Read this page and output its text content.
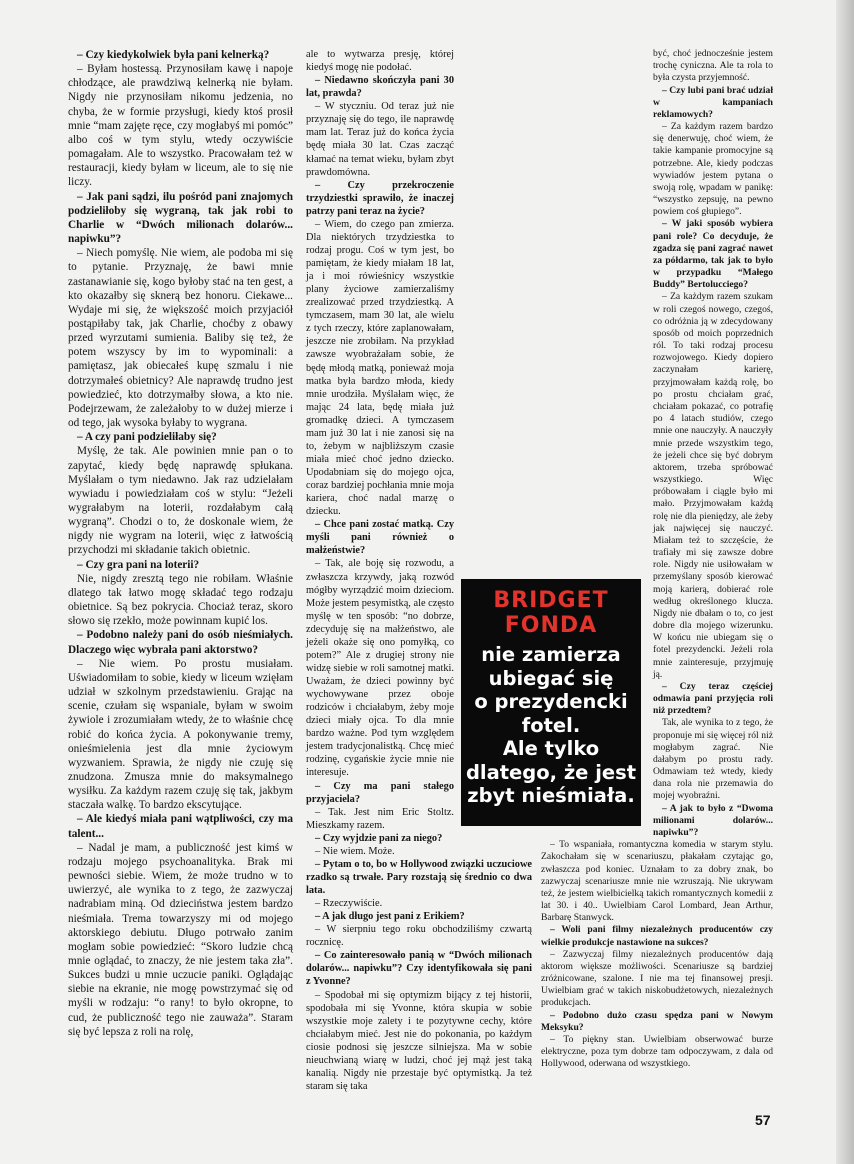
– Czy kiedykolwiek była pani kelnerką?

– Byłam hostessą. Przynosiłam kawę i napoje chłodzące, ale prawdziwą kelnerką nie byłam. Nigdy nie przynosiłam nikomu jedzenia, no chyba, że w formie przysługi, kiedy ktoś prosił mnie “mam zajęte ręce, czy mogłabyś mi pomóc” albo coś w tym stylu, wtedy oczywiście pomagałam. Ale to wszystko. Pracowałam też w restauracji, kiedy byłam w liceum, ale to się nie liczy.

– Jak pani sądzi, ilu pośród pani znajomych podzieliłoby się wygraną, tak jak robi to Charlie w “Dwóch milionach dolarów... napiwku”?

– Niech pomyślę. Nie wiem, ale podoba mi się to pytanie. Przyznaję, że bawi mnie zastanawianie się, kogo byłoby stać na ten gest, a kto okazałby się sknerą bez honoru. Ciekawe... Wydaje mi się, że większość moich przyjaciół postąpiłaby tak, jak Charlie, choćby z obawy przed wyrzutami sumienia. Baliby się też, że potem wszyscy by im to wypominali: a pamiętasz, jak obiecałeś kupę szmalu i nie dotrzymałeś obietnicy? Ale naprawdę trudno jest powiedzieć, kto dotrzymałby słowa, a kto nie. Podejrzewam, że zależałoby to w dużej mierze i od tego, jak wysoka byłaby to wygrana.

– A czy pani podzieliłaby się?

Myślę, że tak. Ale powinien mnie pan o to zapytać, kiedy będę naprawdę spłukana. Myślałam o tym niedawno. Jak raz udzielałam wywiadu i powiedziałam coś w stylu: “Jeżeli wygrałabym na loterii, rozdałabym całą wygraną”. Chodzi o to, że doskonale wiem, że nigdy nie wygram na loterii, więc z łatwością przychodzi mi składanie takich obietnic.

– Czy gra pani na loterii?

Nie, nigdy zresztą tego nie robiłam. Właśnie dlatego tak łatwo mogę składać tego rodzaju obietnice. Są bez pokrycia. Chociaż teraz, skoro słowo się rzekło, może powinnam kupić los.

– Podobno należy pani do osób nieśmiałych. Dlaczego więc wybrała pani aktorstwo?

– Nie wiem. Po prostu musiałam. Uświadomiłam to sobie, kiedy w liceum wzięłam udział w szkolnym przedstawieniu. Grając na scenie, czułam się wspaniale, byłam w swoim żywiole i zrozumiałam wtedy, że to właśnie chcę robić do końca życia. A pokonywanie tremy, onieśmielenia jest dla mnie życiowym wyzwaniem. Sprawia, że nigdy nie czuję się znudzona. Zmusza mnie do maksymalnego wysiłku. Za każdym razem czuję się tak, jakbym staczała walkę. To bardzo ekscytujące.

– Ale kiedyś miała pani wątpliwości, czy ma talent...

– Nadal je mam, a publiczność jest kimś w rodzaju mojego psychoanalityka. Brak mi pewności siebie. Wiem, że może trudno w to uwierzyć, ale wynika to z tego, że zazwyczaj nadrabiam miną. Od dzieciństwa jestem bardzo nieśmiała. Trema towarzyszy mi od mojego aktorskiego debiutu. Długo potrwało zanim mogłam sobie powiedzieć: “Skoro ludzie chcą mnie oglądać, to znaczy, że nie jestem taka zła”. Sukces budzi u mnie uczucie paniki. Oglądając siebie na ekranie, nie mogę powstrzymać się od myśli w rodzaju: “o rany! to było okropne, to cud, że publiczność tego nie zauważa”. Staram się być lepsza z roli na rolę,

ale to wytwarza presję, której kiedyś mogę nie podołać.

– Niedawno skończyła pani 30 lat, prawda?

– W styczniu. Od teraz już nie przyznaję się do tego, ile naprawdę mam lat. Teraz już do końca życia będę miała 30 lat. Czas zacząć kłamać na temat wieku, byłam zbyt prawdomówna.

– Czy przekroczenie trzydziestki sprawiło, że inaczej patrzy pani teraz na życie?

– Wiem, do czego pan zmierza. Dla niektórych trzydziestka to rodzaj progu. Coś w tym jest, bo pamiętam, że kiedy miałam 18 lat, ja i moi rówieśnicy wszystkie plany życiowe zamierzaliśmy zrealizować przed trzydziestką. A tymczasem, mam 30 lat, ale wielu z tych rzeczy, które zaplanowałam, jeszcze nie zrobiłam. Na przykład zawsze wyobrażałam sobie, że będę młodą matką, ponieważ moja matka była bardzo młoda, kiedy mnie urodziła. Myślałam więc, że mając 24 lata, będę miała już gromadkę dzieci. A tymczasem mam już 30 lat i nie zanosi się na to, żebym w najbliższym czasie miała mieć choć jedno dziecko. Upodabniam się do mojego ojca, coraz bardziej pochłania mnie moja kariera, choć nadal marzę o dziecku.

– Chce pani zostać matką. Czy myśli pani również o małżeństwie?

– Tak, ale boję się rozwodu, a zwłaszcza krzywdy, jaką rozwód mógłby wyrządzić moim dzieciom. Może jestem pesymistką, ale często myślę w ten sposób: “no dobrze, zdecyduję się na małżeństwo, ale jeżeli okaże się ono pomyłką, co potem?” Ale z drugiej strony nie widzę siebie w roli samotnej matki. Uważam, że dzieci powinny być wychowywane przez oboje rodziców i chciałabym, żeby moje dzieci miały ojca. To dla mnie bardzo ważne. Pod tym względem jestem tradycjonalistką. Chcę mieć rodzinę, cygańskie życie mnie nie interesuje.

– Czy ma pani stałego przyjaciela?

– Tak. Jest nim Eric Stoltz. Mieszkamy razem.

– Czy wyjdzie pani za niego?

– Nie wiem. Może.

– Pytam o to, bo w Hollywood związki uczuciowe rzadko są trwałe. Pary rozstają się średnio co dwa lata.

– Rzeczywiście.

– A jak długo jest pani z Erikiem?

– W sierpniu tego roku obchodziliśmy czwartą rocznicę.

– Co zainteresowało panią w “Dwóch milionach dolarów... napiwku”? Czy identyfikowała się pani z Yvonne?

– Spodobał mi się optymizm bijący z tej historii, spodobała mi się Yvonne, która skupia w sobie wszystkie moje zalety i te pozytywne cechy, które chciałabym mieć. Jest nie do pokonania, po każdym ciosie podnosi się jeszcze silniejsza. Ma w sobie nieuchwianą wiarę w ludzi, choć jej mąż jest taką kanalią. Nigdy nie przestaje być optymistką. Ja też staram się taka

być, choć jednocześnie jestem trochę cyniczna. Ale ta rola to była czysta przyjemność.

– Czy lubi pani brać udział w kampaniach reklamowych?

– Za każdym razem bardzo się denerwuję, choć wiem, że takie kampanie promocyjne są potrzebne. Ale, kiedy podczas wywiadów jestem pytana o swoją rolę, wpadam w panikę: “wszystko zepsuję, na pewno powiem coś głupiego”.

– W jaki sposób wybiera pani role? Co decyduje, że zgadza się pani zagrać nawet za półdarmo, tak jak to było w przypadku “Małego Buddy” Bertolucciego?

– Za każdym razem szukam w roli czegoś nowego, czegoś, co odróżnia ją w zdecydowany sposób od moich poprzednich ról. To taki rodzaj procesu rozwojowego. Kiedy dopiero zaczynałam karierę, przyjmowałam każdą rolę, bo po prostu chciałam grać, chciałam pokazać, co potrafię po 4 latach studiów, czego mnie one nauczyły. A nauczyły mnie przede wszystkim tego, że jeżeli chce się być dobrym aktorem, trzeba spróbować wszystkiego. Więc próbowałam i ciągle było mi mało. Przyjmowałam każdą rolę nie dla pieniędzy, ale żeby jak najwięcej się nauczyć. Miałam też to szczęście, że trafiały mi się zawsze dobre role. Nigdy nie usiłowałam w przemyślany sposób kierować moją karierą, dobierać role według określonego klucza. Nigdy nie dbałam o to, co jest dobre dla mojego wizerunku. W końcu nie ubiegam się o fotel prezydencki. Jeżeli rola mnie zainteresuje, przyjmuję ją.

– Czy teraz częściej odmawia pani przyjęcia roli niż przedtem?

Tak, ale wynika to z tego, że proponuje mi się więcej ról niż mogłabym zagrać. Nie dałabym po prostu rady. Odmawiam też wtedy, kiedy dana rola nie przemawia do mojej wyobraźni.

– A jak to było z “Dwoma milionami dolarów... napiwku”?

– To wspaniała, romantyczna komedia w starym stylu. Zakochałam się w scenariuszu, płakałam czytając go, zwłaszcza pod koniec. Uznałam to za dobry znak, bo zazwyczaj scenariusze mnie nie wzruszają. Nie ukrywam też, że jestem wielbicielką takich romantycznych komedii z lat 30. i 40.. Uwielbiam Carol Lombard, Jean Arthur, Barbarę Stanwyck.

– Woli pani filmy niezależnych producentów czy wielkie produkcje nastawione na sukces?

– Zazwyczaj filmy niezależnych producentów dają aktorom większe możliwości. Scenariusze są bardziej zróżnicowane, szalone. I nie ma tej finansowej presji. Uwielbiam grać w takich niskobudżetowych, niezależnych produkcjach.

– Podobno dużo czasu spędza pani w Nowym Meksyku?

– To piękny stan. Uwielbiam obserwować burze elektryczne, poza tym dobrze tam odpoczywam, z dala od Hollywood, oderwana od wszystkiego.

BRIDGET
FONDA
nie zamierza
ubiegać się
o prezydencki
fotel.
Ale tylko
dlatego, że jest
zbyt nieśmiała.
57
